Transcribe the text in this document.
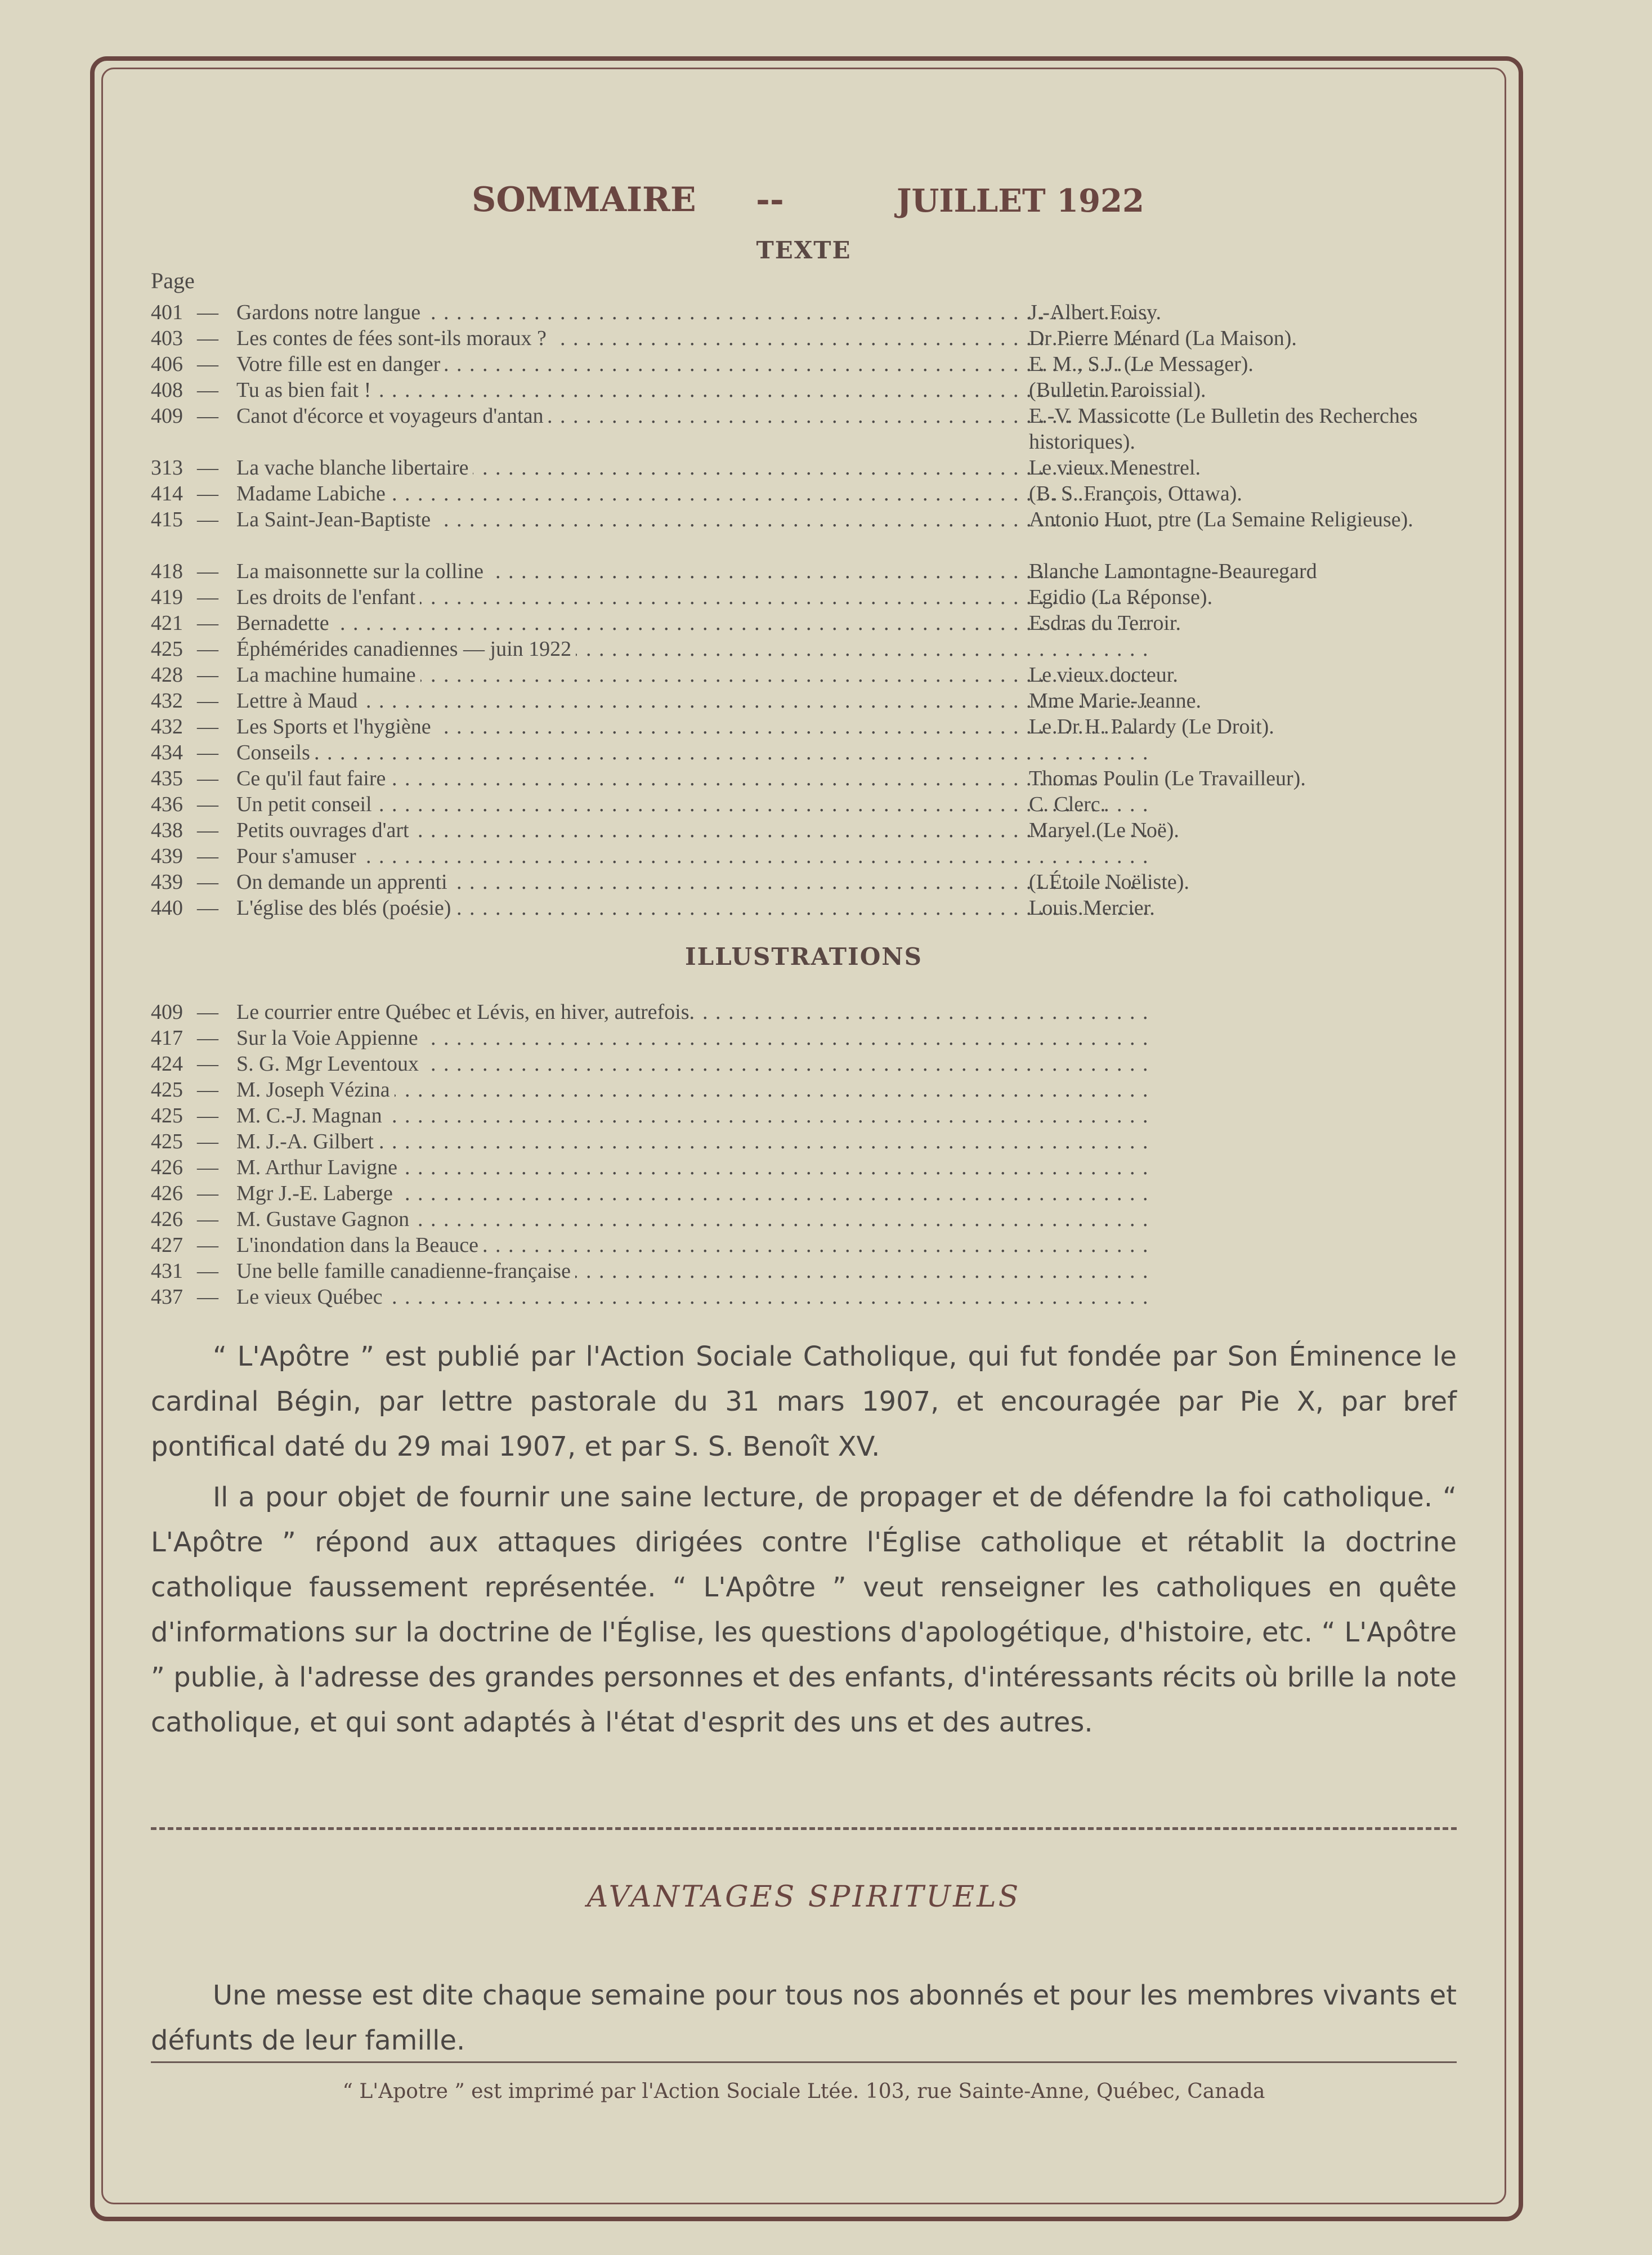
SOMMAIRE --	JUILLET 1922
TEXTE
Page
401 — Gardons notre langue . . .	J.-Albert Foisy.
403 — Les contes de fées sont-ils moraux ? . . .	Dr Pierre Ménard (La Maison).
406 — Votre fille est en danger . . .	E. M., S.J. (Le Messager).
408 — Tu as bien fait ! . . .	(Bulletin Paroissial).
409 — Canot d'écorce et voyageurs d'antan . . .	E.-V. Massicotte (Le Bulletin des Recherches historiques).
313 — La vache blanche libertaire . . .	Le vieux Menestrel.
414 — Madame Labiche . . .	(B. S. François, Ottawa).
415 — La Saint-Jean-Baptiste . . .	Antonio Huot, ptre (La Semaine Religieuse).
418 — La maisonnette sur la colline . . .	Blanche Lamontagne-Beauregard
419 — Les droits de l'enfant . . .	Egidio (La Réponse).
421 — Bernadette . . .	Esdras du Terroir.
425 — Éphémérides canadiennes — juin 1922 . . .
428 — La machine humaine . . .	Le vieux docteur.
432 — Lettre à Maud . . .	Mme Marie-Jeanne.
432 — Les Sports et l'hygiène . . .	Le Dr H. Palardy (Le Droit).
434 — Conseils . . .
435 — Ce qu'il faut faire . . .	Thomas Poulin (Le Travailleur).
436 — Un petit conseil . . .	C. Clerc.
438 — Petits ouvrages d'art . . .	Maryel (Le Noë).
439 — Pour s'amuser . . .
439 — On demande un apprenti . . .	(LÉtoile Noëliste).
440 — L'église des blés (poésie) . . .	Louis Mercier.
ILLUSTRATIONS
409 — Le courrier entre Québec et Lévis, en hiver, autrefois. . . .
417 — Sur la Voie Appienne . . .
424 — S. G. Mgr Leventoux . . .
425 — M. Joseph Vézina . . .
425 — M. C.-J. Magnan . . .
425 — M. J.-A. Gilbert . . .
426 — M. Arthur Lavigne . . .
426 — Mgr J.-E. Laberge . . .
426 — M. Gustave Gagnon . . .
427 — L'inondation dans la Beauce . . .
431 — Une belle famille canadienne-française . . .
437 — Le vieux Québec . . .

“ L'Apôtre ” est publié par l'Action Sociale Catholique, qui fut fondée par Son Éminence le cardinal Bégin, par lettre pastorale du 31 mars 1907, et encouragée par Pie X, par bref pontifical daté du 29 mai 1907, et par S. S. Benoît XV.

Il a pour objet de fournir une saine lecture, de propager et de défendre la foi catholique. “ L'Apôtre ” répond aux attaques dirigées contre l'Église catholique et rétablit la doctrine catholique faussement représentée. “ L'Apôtre ” veut renseigner les catholiques en quête d'informations sur la doctrine de l'Église, les questions d'apologétique, d'histoire, etc. “ L'Apôtre ” publie, à l'adresse des grandes personnes et des enfants, d'intéressants récits où brille la note catholique, et qui sont adaptés à l'état d'esprit des uns et des autres.

AVANTAGES SPIRITUELS

Une messe est dite chaque semaine pour tous nos abonnés et pour les membres vivants et défunts de leur famille.

“ L'Apotre ” est imprimé par l'Action Sociale Ltée. 103, rue Sainte-Anne, Québec, Canada
